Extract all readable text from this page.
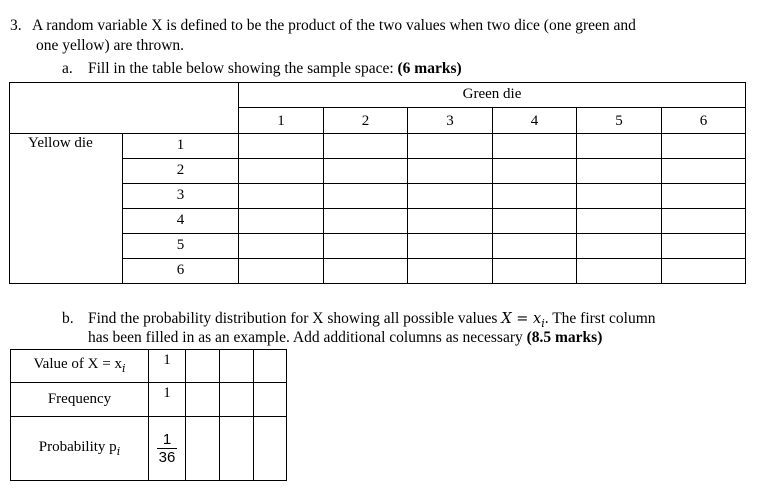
3. A random variable X is defined to be the product of the two values when two dice (one green and
one yellow) are thrown.
a. Fill in the table below showing the sample space: (6 marks)
		Green die					
		1	2	3	4	5	6
Yellow die	1						
	2						
	3						
	4						
	5						
	6						
b. Find the probability distribution for X showing all possible values $X = x_i$. The first column
has been filled in as an example. Add additional columns as necessary (8.5 marks)
Value of $X = x_i$	1			
Frequency	1			
Probability $p_i$	$\frac{1}{36}$
